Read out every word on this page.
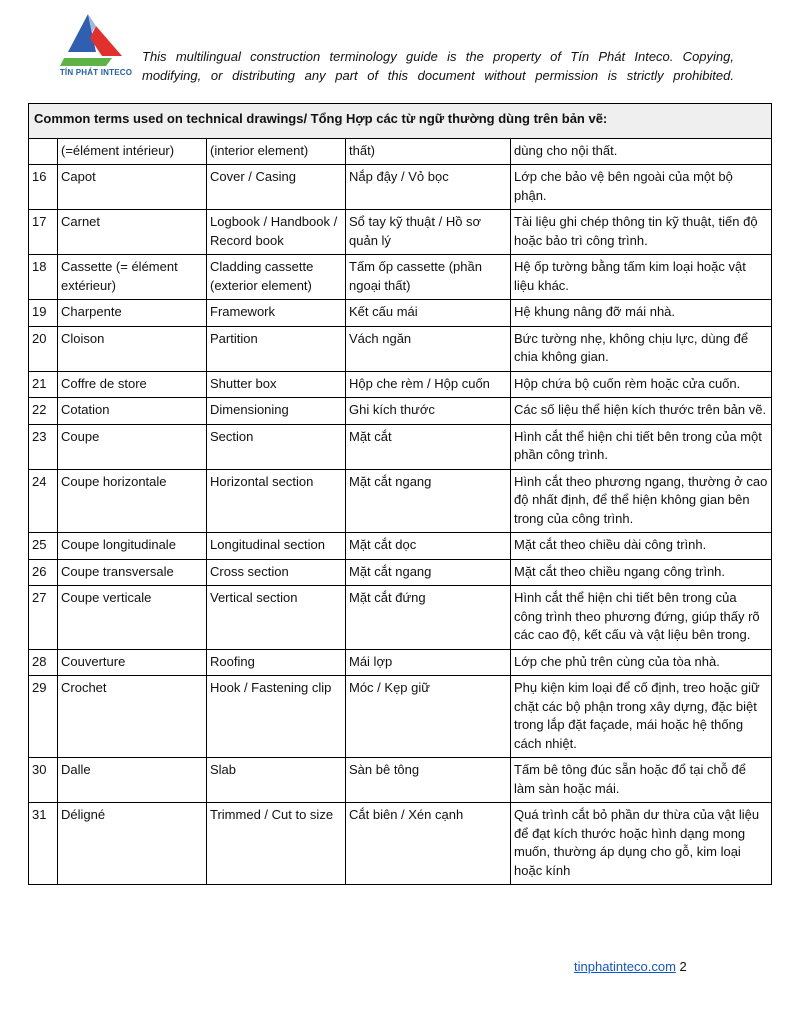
TÍN PHÁT INTECO
This multilingual construction terminology guide is the property of Tín Phát Inteco. Copying,
modifying, or distributing any part of this document without permission is strictly prohibited.
Common terms used on technical drawings/ Tổng Hợp các từ ngữ thường dùng trên bản vẽ:				
	(=élément intérieur)	(interior element)	thất)	dùng cho nội thất.
16	Capot	Cover / Casing	Nắp đậy / Vỏ bọc	Lớp che bảo vệ bên ngoài của một bộ phận.
17	Carnet	Logbook / Handbook / Record book	Sổ tay kỹ thuật / Hồ sơ quản lý	Tài liệu ghi chép thông tin kỹ thuật, tiến độ hoặc bảo trì công trình.
18	Cassette (= élément extérieur)	Cladding cassette (exterior element)	Tấm ốp cassette (phần ngoại thất)	Hệ ốp tường bằng tấm kim loại hoặc vật liệu khác.
19	Charpente	Framework	Kết cấu mái	Hệ khung nâng đỡ mái nhà.
20	Cloison	Partition	Vách ngăn	Bức tường nhẹ, không chịu lực, dùng để chia không gian.
21	Coffre de store	Shutter box	Hộp che rèm / Hộp cuốn	Hộp chứa bộ cuốn rèm hoặc cửa cuốn.
22	Cotation	Dimensioning	Ghi kích thước	Các số liệu thể hiện kích thước trên bản vẽ.
23	Coupe	Section	Mặt cắt	Hình cắt thể hiện chi tiết bên trong của một phần công trình.
24	Coupe horizontale	Horizontal section	Mặt cắt ngang	Hình cắt theo phương ngang, thường ở cao độ nhất định, để thể hiện không gian bên trong của công trình.
25	Coupe longitudinale	Longitudinal section	Mặt cắt dọc	Mặt cắt theo chiều dài công trình.
26	Coupe transversale	Cross section	Mặt cắt ngang	Mặt cắt theo chiều ngang công trình.
27	Coupe verticale	Vertical section	Mặt cắt đứng	Hình cắt thể hiện chi tiết bên trong của công trình theo phương đứng, giúp thấy rõ các cao độ, kết cấu và vật liệu bên trong.
28	Couverture	Roofing	Mái lợp	Lớp che phủ trên cùng của tòa nhà.
29	Crochet	Hook / Fastening clip	Móc / Kẹp giữ	Phụ kiện kim loại để cố định, treo hoặc giữ chặt các bộ phận trong xây dựng, đặc biệt trong lắp đặt façade, mái hoặc hệ thống cách nhiệt.
30	Dalle	Slab	Sàn bê tông	Tấm bê tông đúc sẵn hoặc đổ tại chỗ để làm sàn hoặc mái.
31	Déligné	Trimmed / Cut to size	Cắt biên / Xén cạnh	Quá trình cắt bỏ phần dư thừa của vật liệu để đạt kích thước hoặc hình dạng mong muốn, thường áp dụng cho gỗ, kim loại hoặc kính
tinphatinteco.com 2
